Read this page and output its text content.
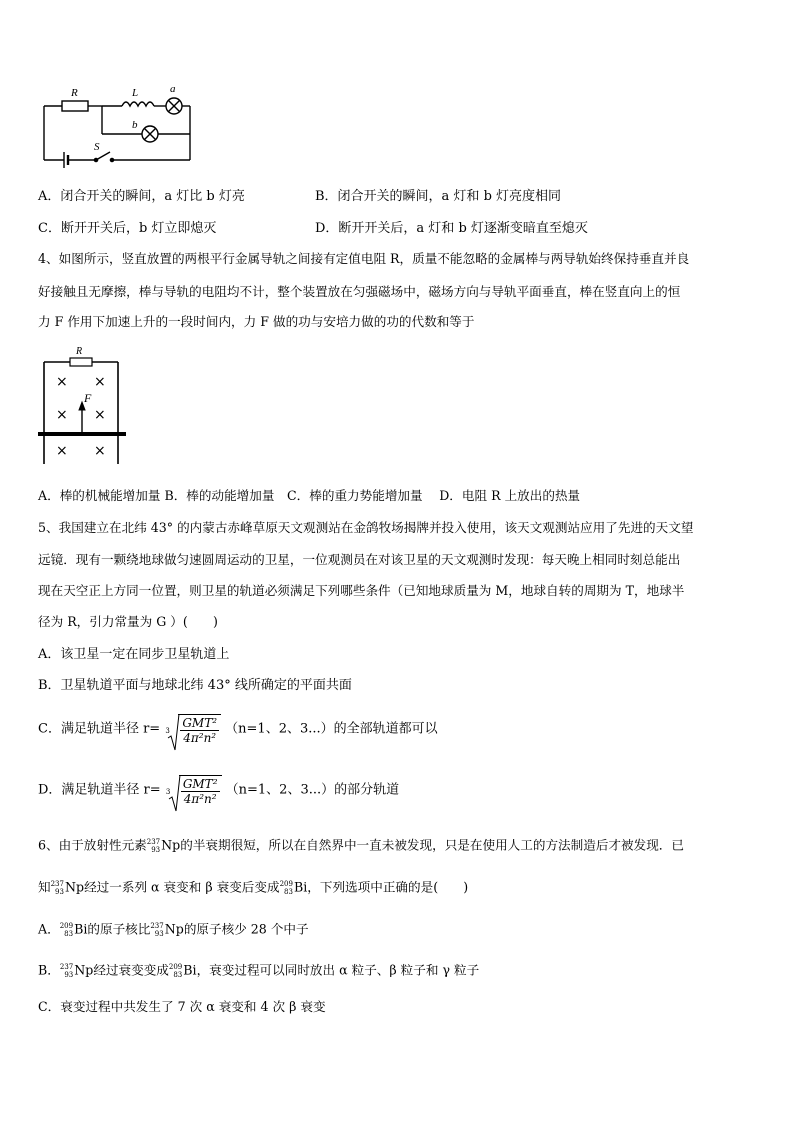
R	L	a
b
S
A．闭合开关的瞬间，a 灯比 b 灯亮	B．闭合开关的瞬间，a 灯和 b 灯亮度相同
C．断开开关后，b 灯立即熄灭	D．断开开关后，a 灯和 b 灯逐渐变暗直至熄灭
4、如图所示，竖直放置的两根平行金属导轨之间接有定值电阻 R，质量不能忽略的金属棒与两导轨始终保持垂直并良
好接触且无摩擦，棒与导轨的电阻均不计，整个装置放在匀强磁场中，磁场方向与导轨平面垂直，棒在竖直向上的恒
力 F 作用下加速上升的一段时间内，力 F 做的功与安培力做的功的代数和等于
R
F
× ×
× ×
× ×
A．棒的机械能增加量 B．棒的动能增加量　C．棒的重力势能增加量　 D．电阻 R 上放出的热量
5、我国建立在北纬 43° 的内蒙古赤峰草原天文观测站在金鸽牧场揭牌并投入使用，该天文观测站应用了先进的天文望
远镜．现有一颗绕地球做匀速圆周运动的卫星，一位观测员在对该卫星的天文观测时发现：每天晚上相同时刻总能出
现在天空正上方同一位置，则卫星的轨道必须满足下列哪些条件（已知地球质量为 M，地球自转的周期为 T，地球半
径为 R，引力常量为 G ）(　　)
A．该卫星一定在同步卫星轨道上
B．卫星轨道平面与地球北纬 43° 线所确定的平面共面
C．满足轨道半径 $r= 3 \frac{\text{GMT²}}{\text{4π²n²}} (n=1$、2、3...）的全部轨道都可以
D．满足轨道半径 $r= 3 \frac{\text{GMT²}}{\text{4π²n²}} (n=1$、2、3...）的部分轨道
6、由于放射性元素237
93Np的半衰期很短，所以在自然界中一直未被发现，只是在使用人工的方法制造后才被发现．已
知237
93Np经过一系列 α 衰变和 β 衰变后变成209
83Bi，下列选项中正确的是(　　)
A．209
83Bi的原子核比237
93Np的原子核少 28 个中子
B．237
93Np经过衰变变成209
83Bi，衰变过程可以同时放出 α 粒子、β 粒子和 γ 粒子
C．衰变过程中共发生了 7 次 α 衰变和 4 次 β 衰变
